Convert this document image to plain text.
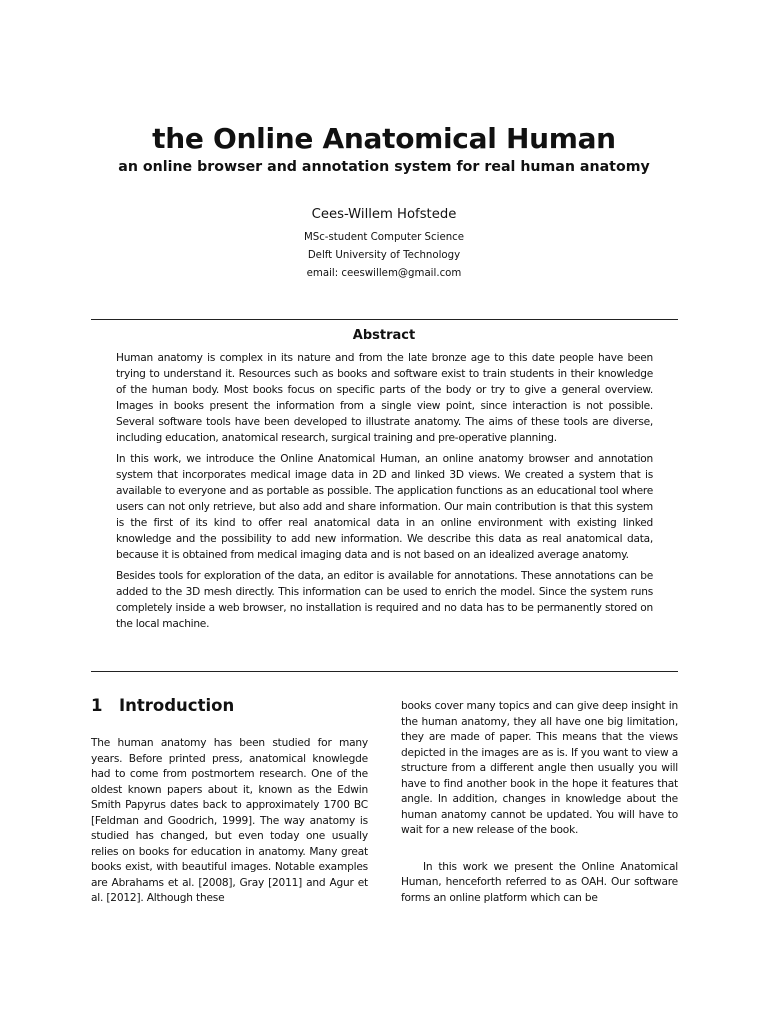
the Online Anatomical Human
an online browser and annotation system for real human anatomy
Cees-Willem Hofstede
MSc-student Computer Science
Delft University of Technology
email: ceeswillem@gmail.com
Abstract

Human anatomy is complex in its nature and from the late bronze age to this date people have been trying to understand it. Resources such as books and software exist to train students in their knowledge of the human body. Most books focus on specific parts of the body or try to give a general overview. Images in books present the information from a single view point, since interaction is not possible. Several software tools have been developed to illustrate anatomy. The aims of these tools are diverse, including education, anatomical research, surgical training and pre-operative planning.

In this work, we introduce the Online Anatomical Human, an online anatomy browser and annotation system that incorporates medical image data in 2D and linked 3D views. We created a system that is available to everyone and as portable as possible. The application functions as an educational tool where users can not only retrieve, but also add and share information. Our main contribution is that this system is the first of its kind to offer real anatomical data in an online environment with existing linked knowledge and the possibility to add new information. We describe this data as real anatomical data, because it is obtained from medical imaging data and is not based on an idealized average anatomy.

Besides tools for exploration of the data, an editor is available for annotations. These annotations can be added to the 3D mesh directly. This information can be used to enrich the model. Since the system runs completely inside a web browser, no installation is required and no data has to be permanently stored on the local machine.

1 Introduction

The human anatomy has been studied for many years. Before printed press, anatomical knowlegde had to come from postmortem research. One of the oldest known papers about it, known as the Edwin Smith Papyrus dates back to approximately 1700 BC [Feldman and Goodrich, 1999]. The way anatomy is studied has changed, but even today one usually relies on books for education in anatomy. Many great books exist, with beautiful images. Notable examples are Abrahams et al. [2008], Gray [2011] and Agur et al. [2012]. Although these

books cover many topics and can give deep insight in the human anatomy, they all have one big limitation, they are made of paper. This means that the views depicted in the images are as is. If you want to view a structure from a different angle then usually you will have to find another book in the hope it features that angle. In addition, changes in knowledge about the human anatomy cannot be updated. You will have to wait for a new release of the book.

In this work we present the Online Anatomical Human, henceforth referred to as OAH. Our software forms an online platform which can be
